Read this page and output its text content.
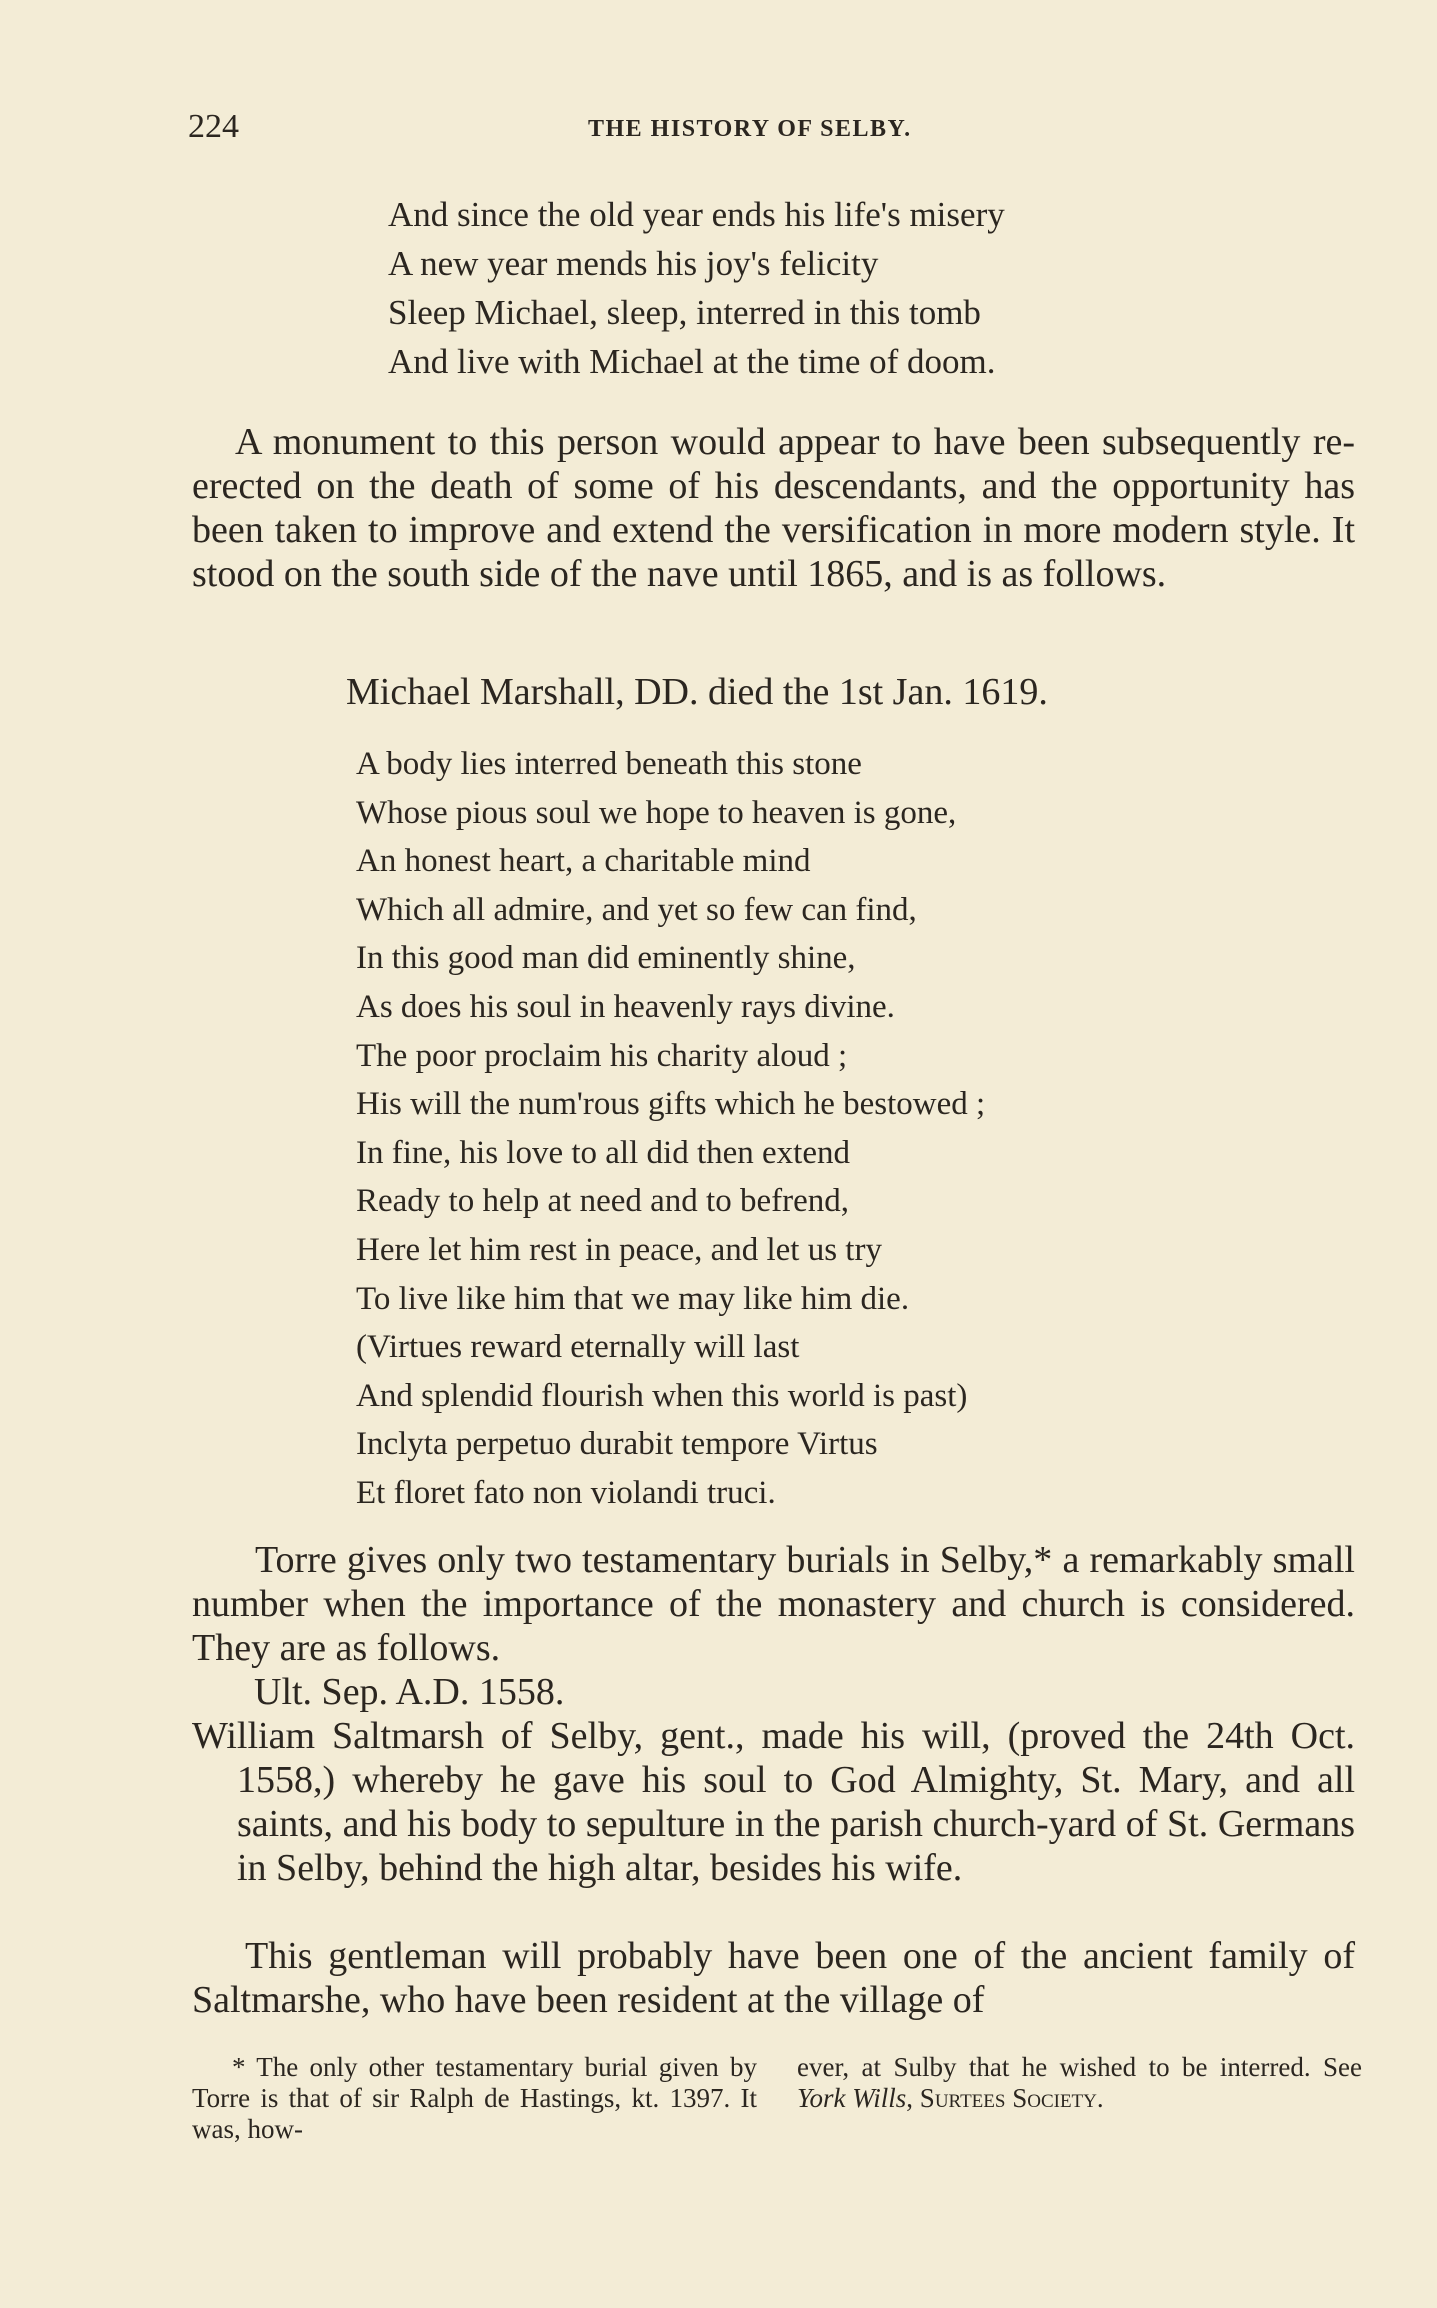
224	THE HISTORY OF SELBY.
And since the old year ends his life's misery
A new year mends his joy's felicity
Sleep Michael, sleep, interred in this tomb
And live with Michael at the time of doom.
A monument to this person would appear to have been subsequently re-erected on the death of some of his descendants, and the opportunity has been taken to improve and extend the versification in more modern style. It stood on the south side of the nave until 1865, and is as follows.
Michael Marshall, DD. died the 1st Jan. 1619.
A body lies interred beneath this stone
Whose pious soul we hope to heaven is gone,
An honest heart, a charitable mind
Which all admire, and yet so few can find,
In this good man did eminently shine,
As does his soul in heavenly rays divine.
The poor proclaim his charity aloud ;
His will the num'rous gifts which he bestowed ;
In fine, his love to all did then extend
Ready to help at need and to befrend,
Here let him rest in peace, and let us try
To live like him that we may like him die.
(Virtues reward eternally will last
And splendid flourish when this world is past)
Inclyta perpetuo durabit tempore Virtus
Et floret fato non violandi truci.
Torre gives only two testamentary burials in Selby,* a remarkably small number when the importance of the monastery and church is considered. They are as follows.
Ult. Sep. A.D. 1558.
William Saltmarsh of Selby, gent., made his will, (proved the 24th Oct. 1558,) whereby he gave his soul to God Almighty, St. Mary, and all saints, and his body to sepulture in the parish church-yard of St. Germans in Selby, behind the high altar, besides his wife.
This gentleman will probably have been one of the ancient family of Saltmarshe, who have been resident at the village of
* The only other testamentary burial given by Torre is that of sir Ralph de Hastings, kt. 1397. It was, how-
ever, at Sulby that he wished to be interred. See York Wills, Surtees Society.
